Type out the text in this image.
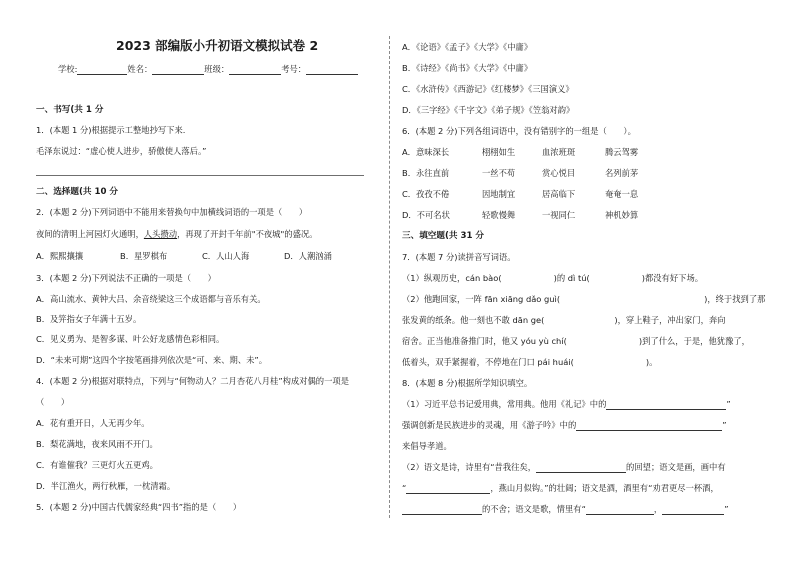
2023 部编版小升初语文模拟试卷 2
学校:	姓名：	班级：	考号：
一、书写(共 1 分
1．(本题 1 分)根据提示工整地抄写下来.
毛泽东说过：“虚心使人进步，骄傲使人落后。”
二、选择题(共 10 分
2．(本题 2 分)下列词语中不能用来替换句中加横线词语的一项是（　　）
夜间的清明上河园灯火通明，人头攒动，再现了开封千年前"不夜城"的盛况。
A．熙熙攘攘	B．星罗棋布	C．人山人海	D．人潮汹涌
3．(本题 2 分)下列说法不正确的一项是（　　）
A．高山流水、黄钟大吕、余音绕梁这三个成语都与音乐有关。
B．及笄指女子年满十五岁。
C．见义勇为、是智多谋、叶公好龙感情色彩相同。
D．“未来可期”这四个字按笔画排列依次是“可、来、期、未”。
4．(本题 2 分)根据对联特点，下列与“何物动人？二月杏花八月桂”构成对偶的一项是
（　　）
A．花有重开日，人无再少年。
B．梨花满地，夜来风雨不开门。
C．有谁催我？三更灯火五更鸡。
D．半江渔火，两行秋雁，一枕清霜。
5．(本题 2 分)中国古代儒家经典“四书”指的是（　　）
A．《论语》《孟子》《大学》《中庸》
B．《诗经》《尚书》《大学》《中庸》
C．《水浒传》《西游记》《红楼梦》《三国演义》
D．《三字经》《千字文》《弟子规》《笠翁对韵》
6．(本题 2 分)下列各组词语中，没有错别字的一组是（　　）。
A．意味深长	栩栩如生	血浓班斑	腾云驾雾
B．永往直前	一丝不苟	赏心悦目	名列前茅
C．孜孜不倦	因地制宜	居高临下	奄奄一息
D．不可名状	轻歌慢舞	一视同仁	神机妙算
三、填空题(共 31 分
7．(本题 7 分)读拼音写词语。
（1）纵观历史，cán bào(	)的 dì tú(	)都没有好下场。
（2）他跑回家，一阵 fān xiāng dǎo guì(	)，终于找到了那
张发黄的纸条。他一刻也不敢 dān ge(	)，穿上鞋子，冲出家门，奔向
宿舍。正当他准备推门时，他又 yóu yù chí(	)到了什么，于是，他犹豫了，
低着头，双手紧握着，不停地在门口 pái huái(	)。
8．(本题 8 分)根据所学知识填空。
（1）习近平总书记爱用典，常用典。他用《礼记》中的	”
强调创新是民族进步的灵魂，用《游子吟》中的	”
来倡导孝道。
（2）语文是诗，诗里有“昔我往矣，	的回望；语文是画，画中有
“	，燕山月似钩。”的壮阔；语文是酒，酒里有“劝君更尽一杯酒，
的不舍；语文是歌，情里有“	，	”
